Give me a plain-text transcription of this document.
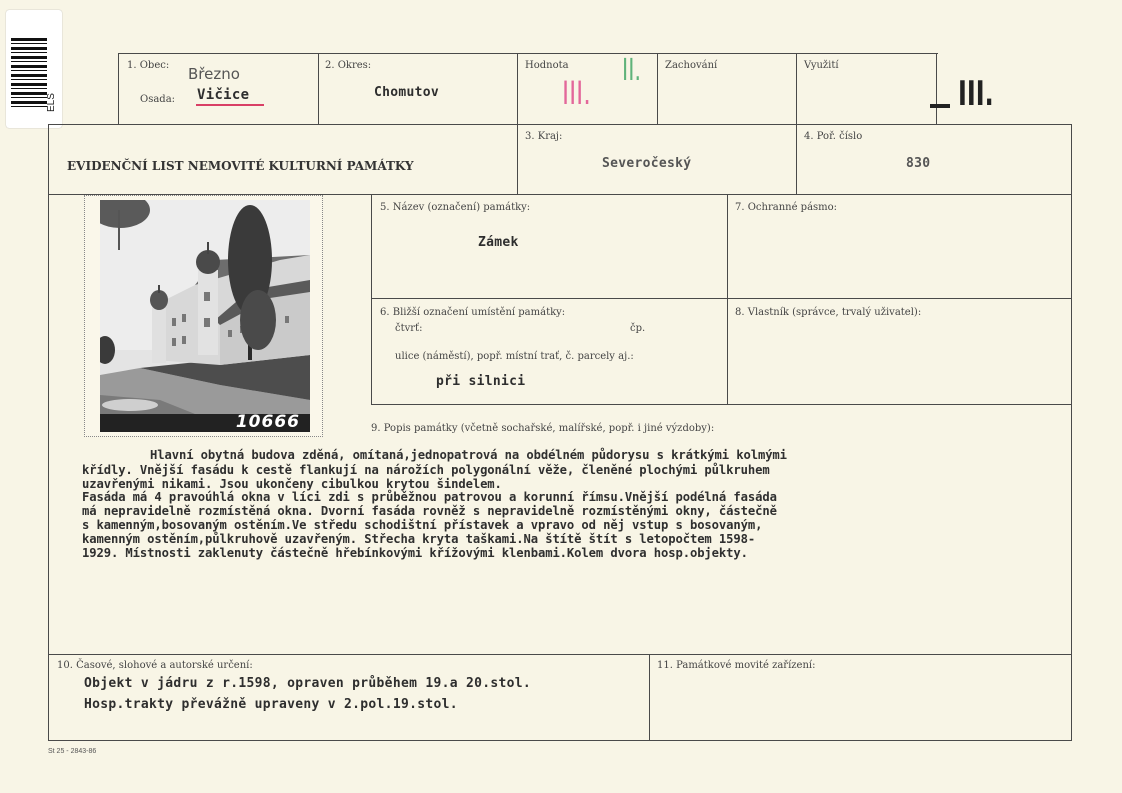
ELS
1. Obec: Březno
Osada: Vičice
2. Okres:
Chomutov
Hodnota
III.
II. Zachování	Využití
III.
EVIDENČNÍ LIST NEMOVITÉ KULTURNÍ PAMÁTKY
3. Kraj:
Severočeský
4. Poř. číslo
830
10666
5. Název (označení) památky:
Zámek
7. Ochranné pásmo:
6. Bližší označení umístění památky:
čtvrť:	čp.
ulice (náměstí), popř. místní trať, č. parcely aj.:
při silnici
8. Vlastník (správce, trvalý uživatel):
9. Popis památky (včetně sochařské, malířské, popř. i jiné výzdoby):
Hlavní obytná budova zděná, omítaná,jednopatrová na obdélném půdorysu s krátkými kolmými
křídly. Vnější fasádu k cestě flankují na nárožích polygonální věže, členěné plochými půlkruhem
uzavřenými nikami. Jsou ukončeny cibulkou krytou šindelem.
Fasáda má 4 pravoúhlá okna v líci zdi s průběžnou patrovou a korunní římsu.Vnější podélná fasáda
má nepravidelně rozmístěná okna. Dvorní fasáda rovněž s nepravidelně rozmístěnými okny, částečně
s kamenným,bosovaným ostěním.Ve středu schodištní přístavek a vpravo od něj vstup s bosovaným,
kamenným ostěním,půlkruhově uzavřeným. Střecha kryta taškami.Na štítě štít s letopočtem 1598-
1929. Místnosti zaklenuty částečně hřebínkovými křížovými klenbami.Kolem dvora hosp.objekty.
10. Časové, slohové a autorské určení:
Objekt v jádru z r.1598, opraven průběhem 19.a 20.stol.
Hosp.trakty převážně upraveny v 2.pol.19.stol.
11. Památkové movité zařízení:
St 25 - 2843-86
